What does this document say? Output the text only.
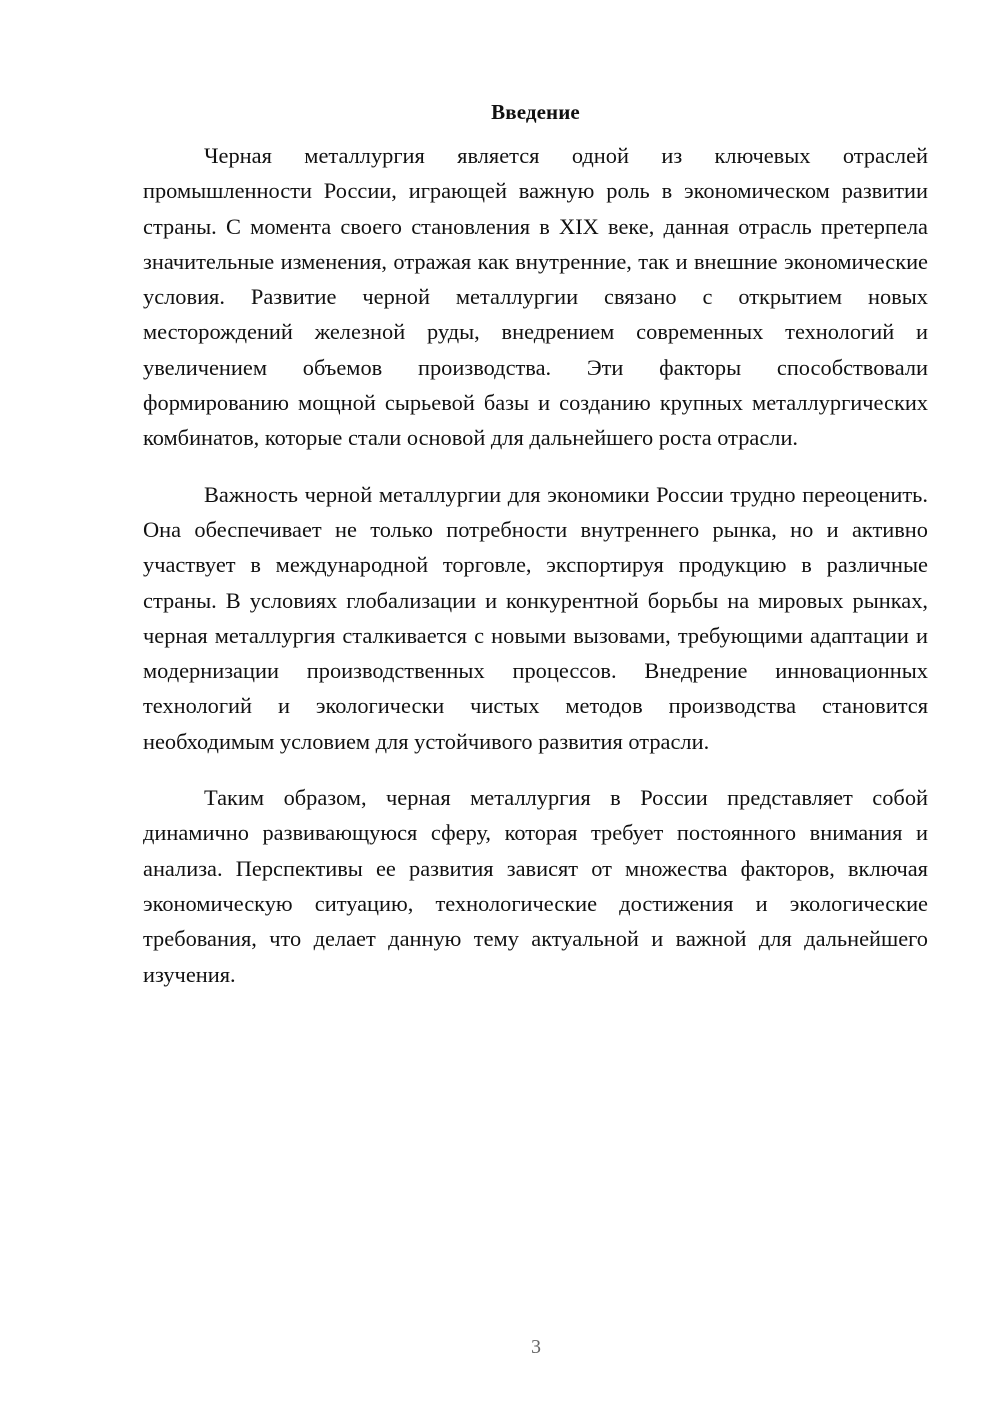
Введение

Черная металлургия является одной из ключевых отраслей промышленности России, играющей важную роль в экономическом развитии страны. С момента своего становления в XIX веке, данная отрасль претерпела значительные изменения, отражая как внутренние, так и внешние экономические условия. Развитие черной металлургии связано с открытием новых месторождений железной руды, внедрением современных технологий и увеличением объемов производства. Эти факторы способствовали формированию мощной сырьевой базы и созданию крупных металлургических комбинатов, которые стали основой для дальнейшего роста отрасли.

Важность черной металлургии для экономики России трудно переоценить. Она обеспечивает не только потребности внутреннего рынка, но и активно участвует в международной торговле, экспортируя продукцию в различные страны. В условиях глобализации и конкурентной борьбы на мировых рынках, черная металлургия сталкивается с новыми вызовами, требующими адаптации и модернизации производственных процессов. Внедрение инновационных технологий и экологически чистых методов производства становится необходимым условием для устойчивого развития отрасли.

Таким образом, черная металлургия в России представляет собой динамично развивающуюся сферу, которая требует постоянного внимания и анализа. Перспективы ее развития зависят от множества факторов, включая экономическую ситуацию, технологические достижения и экологические требования, что делает данную тему актуальной и важной для дальнейшего изучения.

3
